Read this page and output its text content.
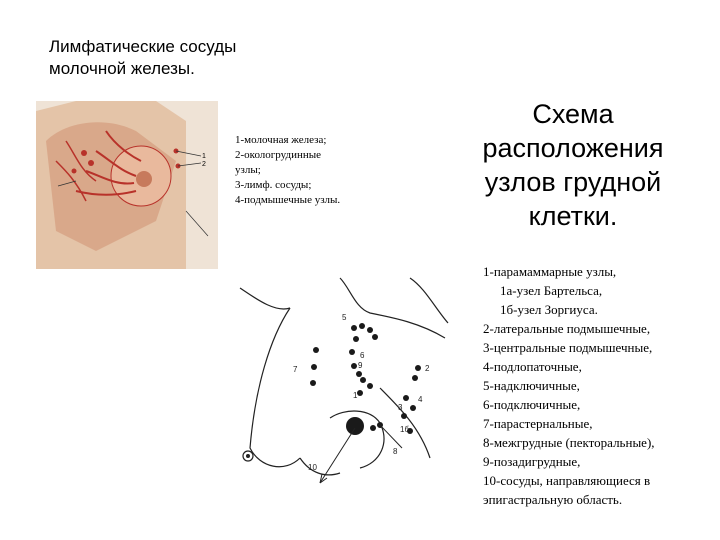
Лимфатические сосуды
молочной железы.
1
2
1-молочная железа;
2-окологрудинные
узлы;
3-лимф. сосуды;
4-подмышечные узлы.
Схема
расположения
узлов грудной
клетки.
5
6
9
7
1
2
3
4
1б
8
10
1-парамаммарные узлы,
1а-узел Бартельса,
1б-узел Зоргиуса.
2-латеральные подмышечные,
3-центральные подмышечные,
4-подлопаточные,
5-надключичные,
6-подключичные,
7-парастернальные,
8-межгрудные (пекторальные),
9-позадигрудные,
10-сосуды, направляющиеся в
эпигастральную область.
